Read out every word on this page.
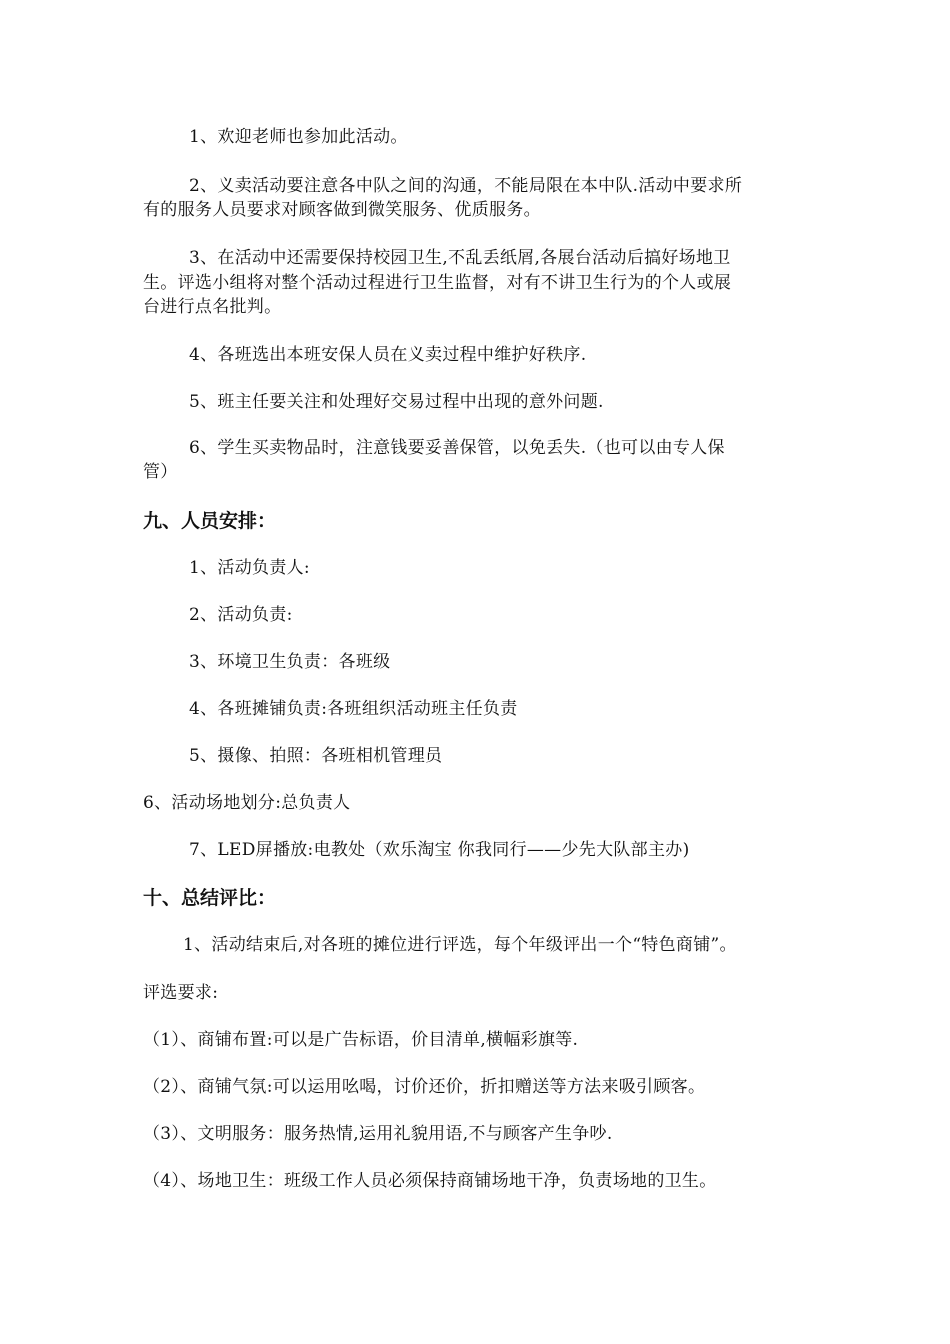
1、欢迎老师也参加此活动。

2、义卖活动要注意各中队之间的沟通，不能局限在本中队.活动中要求所

有的服务人员要求对顾客做到微笑服务、优质服务。

3、在活动中还需要保持校园卫生,不乱丢纸屑,各展台活动后搞好场地卫

生。评选小组将对整个活动过程进行卫生监督，对有不讲卫生行为的个人或展

台进行点名批判。

4、各班选出本班安保人员在义卖过程中维护好秩序.

5、班主任要关注和处理好交易过程中出现的意外问题.

6、学生买卖物品时，注意钱要妥善保管，以免丢失.（也可以由专人保

管）

九、人员安排：

1、活动负责人:

2、活动负责:

3、环境卫生负责：各班级

4、各班摊铺负责:各班组织活动班主任负责

5、摄像、拍照：各班相机管理员

6、活动场地划分:总负责人

7、LED屏播放:电教处（欢乐淘宝 你我同行——少先大队部主办)

十、总结评比：

1、活动结束后,对各班的摊位进行评选，每个年级评出一个“特色商铺”。

评选要求:

（1）、商铺布置:可以是广告标语，价目清单,横幅彩旗等.

（2）、商铺气氛:可以运用吆喝，讨价还价，折扣赠送等方法来吸引顾客。

（3）、文明服务：服务热情,运用礼貌用语,不与顾客产生争吵.

（4）、场地卫生：班级工作人员必须保持商铺场地干净，负责场地的卫生。
